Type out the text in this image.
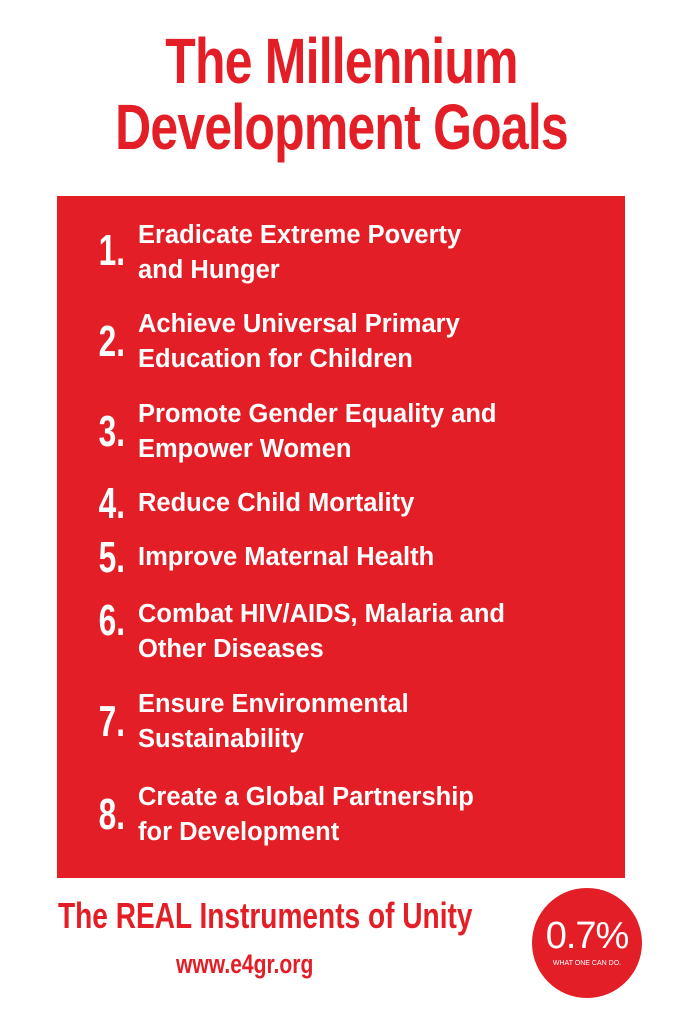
The Millennium
Development Goals
1. Eradicate Extreme Poverty
and Hunger
2. Achieve Universal Primary
Education for Children
3. Promote Gender Equality and
Empower Women
4. Reduce Child Mortality
5. Improve Maternal Health
6. Combat HIV/AIDS, Malaria and
Other Diseases
7. Ensure Environmental
Sustainability
8. Create a Global Partnership
for Development
The REAL Instruments of Unity
www.e4gr.org
0.7%
WHAT ONE CAN DO.
